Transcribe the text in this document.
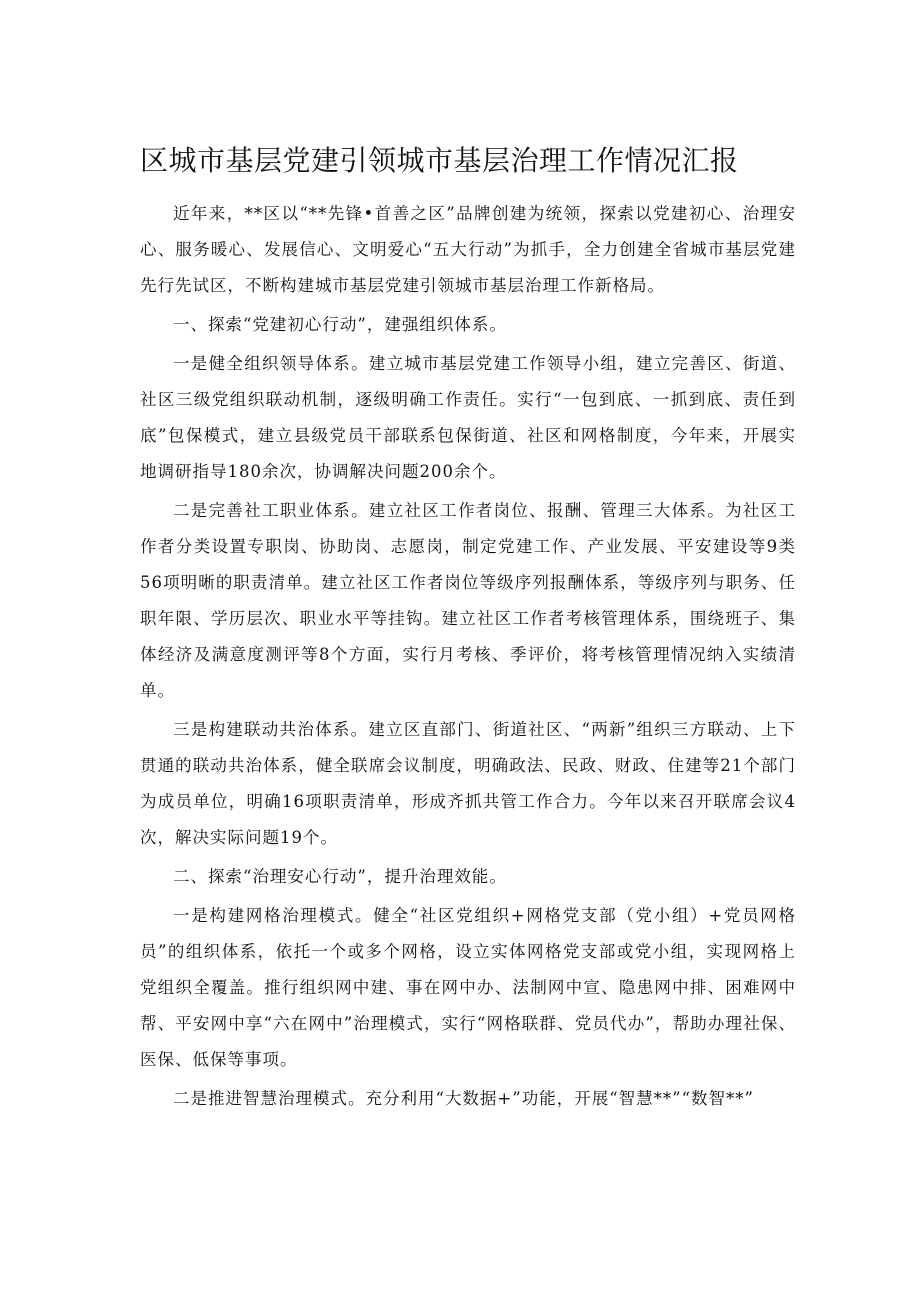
区城市基层党建引领城市基层治理工作情况汇报

近年来，**区以“**先锋•首善之区”品牌创建为统领，探索以党建初心、治理安心、服务暖心、发展信心、文明爱心“五大行动”为抓手，全力创建全省城市基层党建先行先试区，不断构建城市基层党建引领城市基层治理工作新格局。

一、探索“党建初心行动”，建强组织体系。

一是健全组织领导体系。建立城市基层党建工作领导小组，建立完善区、街道、社区三级党组织联动机制，逐级明确工作责任。实行“一包到底、一抓到底、责任到底”包保模式，建立县级党员干部联系包保街道、社区和网格制度，今年来，开展实地调研指导180余次，协调解决问题200余个。

二是完善社工职业体系。建立社区工作者岗位、报酬、管理三大体系。为社区工作者分类设置专职岗、协助岗、志愿岗，制定党建工作、产业发展、平安建设等9类56项明晰的职责清单。建立社区工作者岗位等级序列报酬体系，等级序列与职务、任职年限、学历层次、职业水平等挂钩。建立社区工作者考核管理体系，围绕班子、集体经济及满意度测评等8个方面，实行月考核、季评价，将考核管理情况纳入实绩清单。

三是构建联动共治体系。建立区直部门、街道社区、“两新”组织三方联动、上下贯通的联动共治体系，健全联席会议制度，明确政法、民政、财政、住建等21个部门为成员单位，明确16项职责清单，形成齐抓共管工作合力。今年以来召开联席会议4次，解决实际问题19个。

二、探索“治理安心行动”，提升治理效能。

一是构建网格治理模式。健全“社区党组织+网格党支部（党小组）+党员网格员”的组织体系，依托一个或多个网格，设立实体网格党支部或党小组，实现网格上党组织全覆盖。推行组织网中建、事在网中办、法制网中宣、隐患网中排、困难网中帮、平安网中享“六在网中”治理模式，实行“网格联群、党员代办”，帮助办理社保、医保、低保等事项。

二是推进智慧治理模式。充分利用“大数据+”功能，开展“智慧**”“数智**”
